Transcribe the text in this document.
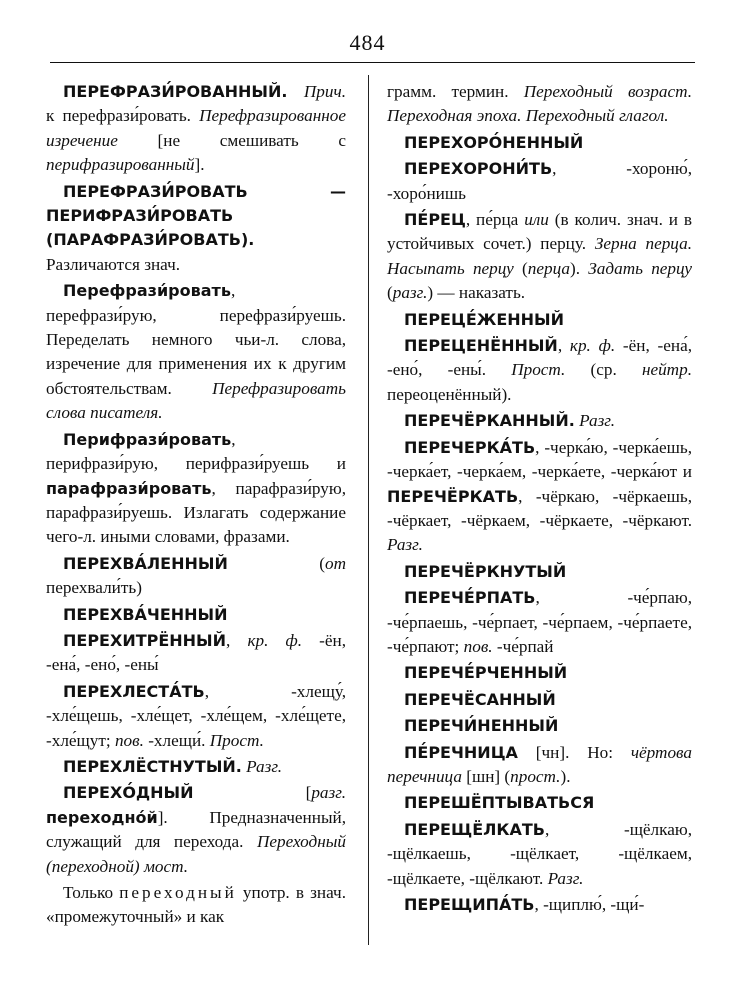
484

ПЕРЕФРАЗИ́РОВАННЫЙ. Прич. к перефрази́ровать. Перефразированное изречение [не смешивать с перифразированный].

ПЕРЕФРАЗИ́РОВАТЬ — ПЕРИФРАЗИ́РОВАТЬ (ПАРАФРАЗИ́РОВАТЬ). Различаются знач.

Перефрази́ровать, перефрази́рую, перефрази́руешь. Переделать немного чьи-л. слова, изречение для применения их к другим обстоятельствам. Перефразировать слова писателя.

Перифрази́ровать, перифрази́рую, перифрази́руешь и парафрази́ровать, парафрази́рую, парафрази́руешь. Излагать содержание чего-л. иными словами, фразами.

ПЕРЕХВА́ЛЕННЫЙ (от перехвали́ть)

ПЕРЕХВА́ЧЕННЫЙ

ПЕРЕХИТРЁННЫЙ, кр. ф. -ён, -ена́, -ено́, -ены́

ПЕРЕХЛЕСТА́ТЬ, -хлещу́, -хле́щешь, -хле́щет, -хле́щем, -хле́щете, -хле́щут; пов. -хлещи́. Прост.

ПЕРЕХЛЁСТНУТЫЙ. Разг.

ПЕРЕХО́ДНЫЙ [разг. переходно́й]. Предназначенный, служащий для перехода. Переходный (переходной) мост.

Только переходный употр. в знач. «промежуточный» и как

грамм. термин. Переходный возраст. Переходная эпоха. Переходный глагол.

ПЕРЕХОРО́НЕННЫЙ

ПЕРЕХОРОНИ́ТЬ, -хороню́, -хоро́нишь

ПЕ́РЕЦ, пе́рца или (в колич. знач. и в устойчивых сочет.) перцу. Зерна перца. Насыпать перцу (перца). Задать перцу (разг.) — наказать.

ПЕРЕЦЕ́ЖЕННЫЙ

ПЕРЕЦЕНЁННЫЙ, кр. ф. -ён, -ена́, -ено́, -ены́. Прост. (ср. нейтр. переоценённый).

ПЕРЕЧЁРКАННЫЙ. Разг.

ПЕРЕЧЕРКА́ТЬ, -черка́ю, -черка́ешь, -черка́ет, -черка́ем, -черка́ете, -черка́ют и ПЕРЕЧЁРКАТЬ, -чёркаю, -чёркаешь, -чёркает, -чёркаем, -чёркаете, -чёркают. Разг.

ПЕРЕЧЁРКНУТЫЙ

ПЕРЕЧЕ́РПАТЬ, -че́рпаю, -че́рпаешь, -че́рпает, -че́рпаем, -че́рпаете, -че́рпают; пов. -че́рпай

ПЕРЕЧЕ́РЧЕННЫЙ

ПЕРЕЧЁСАННЫЙ

ПЕРЕЧИ́НЕННЫЙ

ПЕ́РЕЧНИЦА [чн]. Но: чёртова перечница [шн] (прост.).

ПЕРЕШЁПТЫВАТЬСЯ

ПЕРЕЩЁЛКАТЬ, -щёлкаю, -щёлкаешь, -щёлкает, -щёлкаем, -щёлкаете, -щёлкают. Разг.

ПЕРЕЩИПА́ТЬ, -щиплю́, -щи́-
